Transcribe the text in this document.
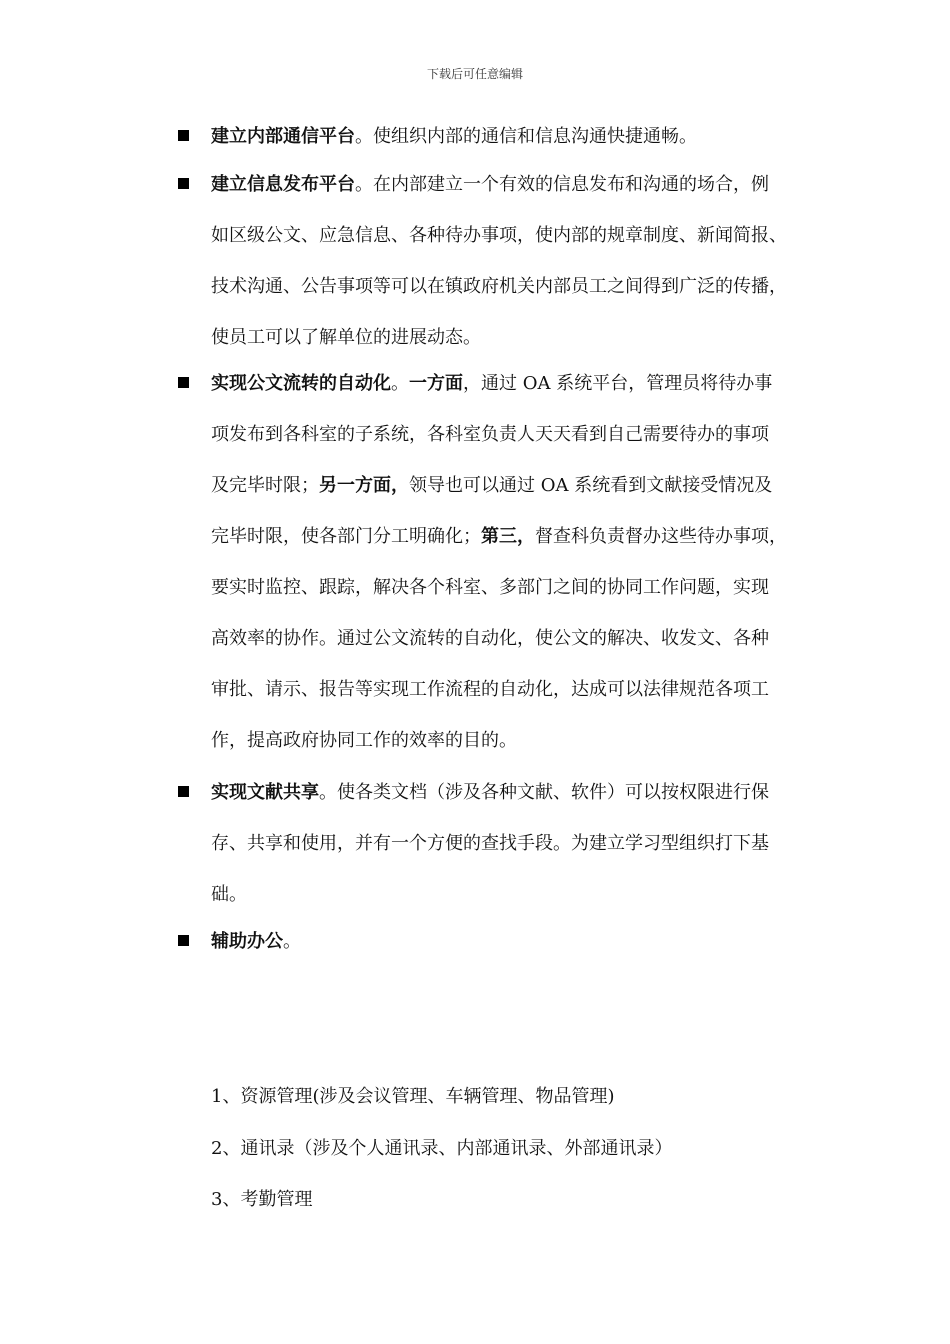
下载后可任意编辑
建立内部通信平台。使组织内部的通信和信息沟通快捷通畅。
建立信息发布平台。在内部建立一个有效的信息发布和沟通的场合，例
如区级公文、应急信息、各种待办事项，使内部的规章制度、新闻简报、
技术沟通、公告事项等可以在镇政府机关内部员工之间得到广泛的传播，
使员工可以了解单位的进展动态。
实现公文流转的自动化。一方面，通过 OA 系统平台，管理员将待办事
项发布到各科室的子系统，各科室负责人天天看到自己需要待办的事项
及完毕时限；另一方面，领导也可以通过 OA 系统看到文献接受情况及
完毕时限，使各部门分工明确化；第三，督查科负责督办这些待办事项，
要实时监控、跟踪，解决各个科室、多部门之间的协同工作问题，实现
高效率的协作。通过公文流转的自动化，使公文的解决、收发文、各种
审批、请示、报告等实现工作流程的自动化，达成可以法律规范各项工
作，提高政府协同工作的效率的目的。
实现文献共享。使各类文档（涉及各种文献、软件）可以按权限进行保
存、共享和使用，并有一个方便的查找手段。为建立学习型组织打下基
础。
辅助办公。
1、资源管理(涉及会议管理、车辆管理、物品管理)
2、通讯录（涉及个人通讯录、内部通讯录、外部通讯录）
3、考勤管理
